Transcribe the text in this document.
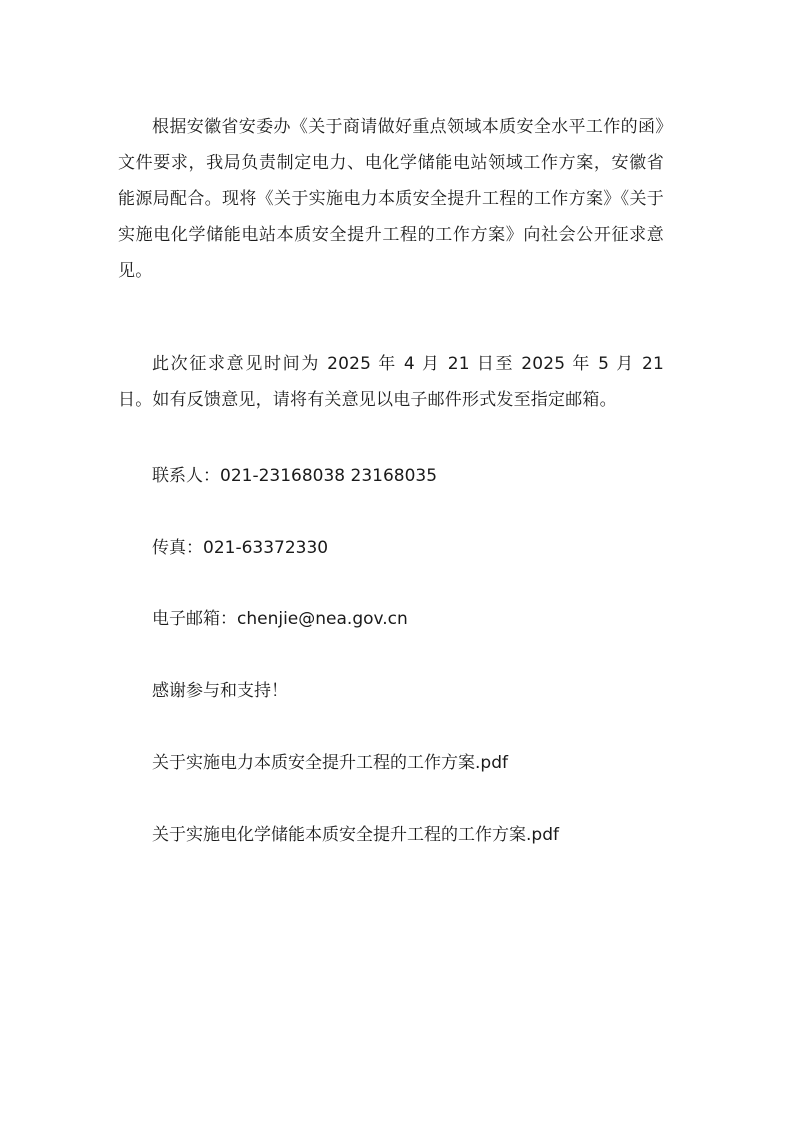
根据安徽省安委办《关于商请做好重点领域本质安全水平工作的函》文件要求，我局负责制定电力、电化学储能电站领域工作方案，安徽省能源局配合。现将《关于实施电力本质安全提升工程的工作方案》《关于实施电化学储能电站本质安全提升工程的工作方案》向社会公开征求意见。

此次征求意见时间为 2025 年 4 月 21 日至 2025 年 5 月 21 日。如有反馈意见，请将有关意见以电子邮件形式发至指定邮箱。

联系人：021-23168038 23168035

传真：021-63372330

电子邮箱：chenjie@nea.gov.cn

感谢参与和支持！

关于实施电力本质安全提升工程的工作方案.pdf

关于实施电化学储能本质安全提升工程的工作方案.pdf
